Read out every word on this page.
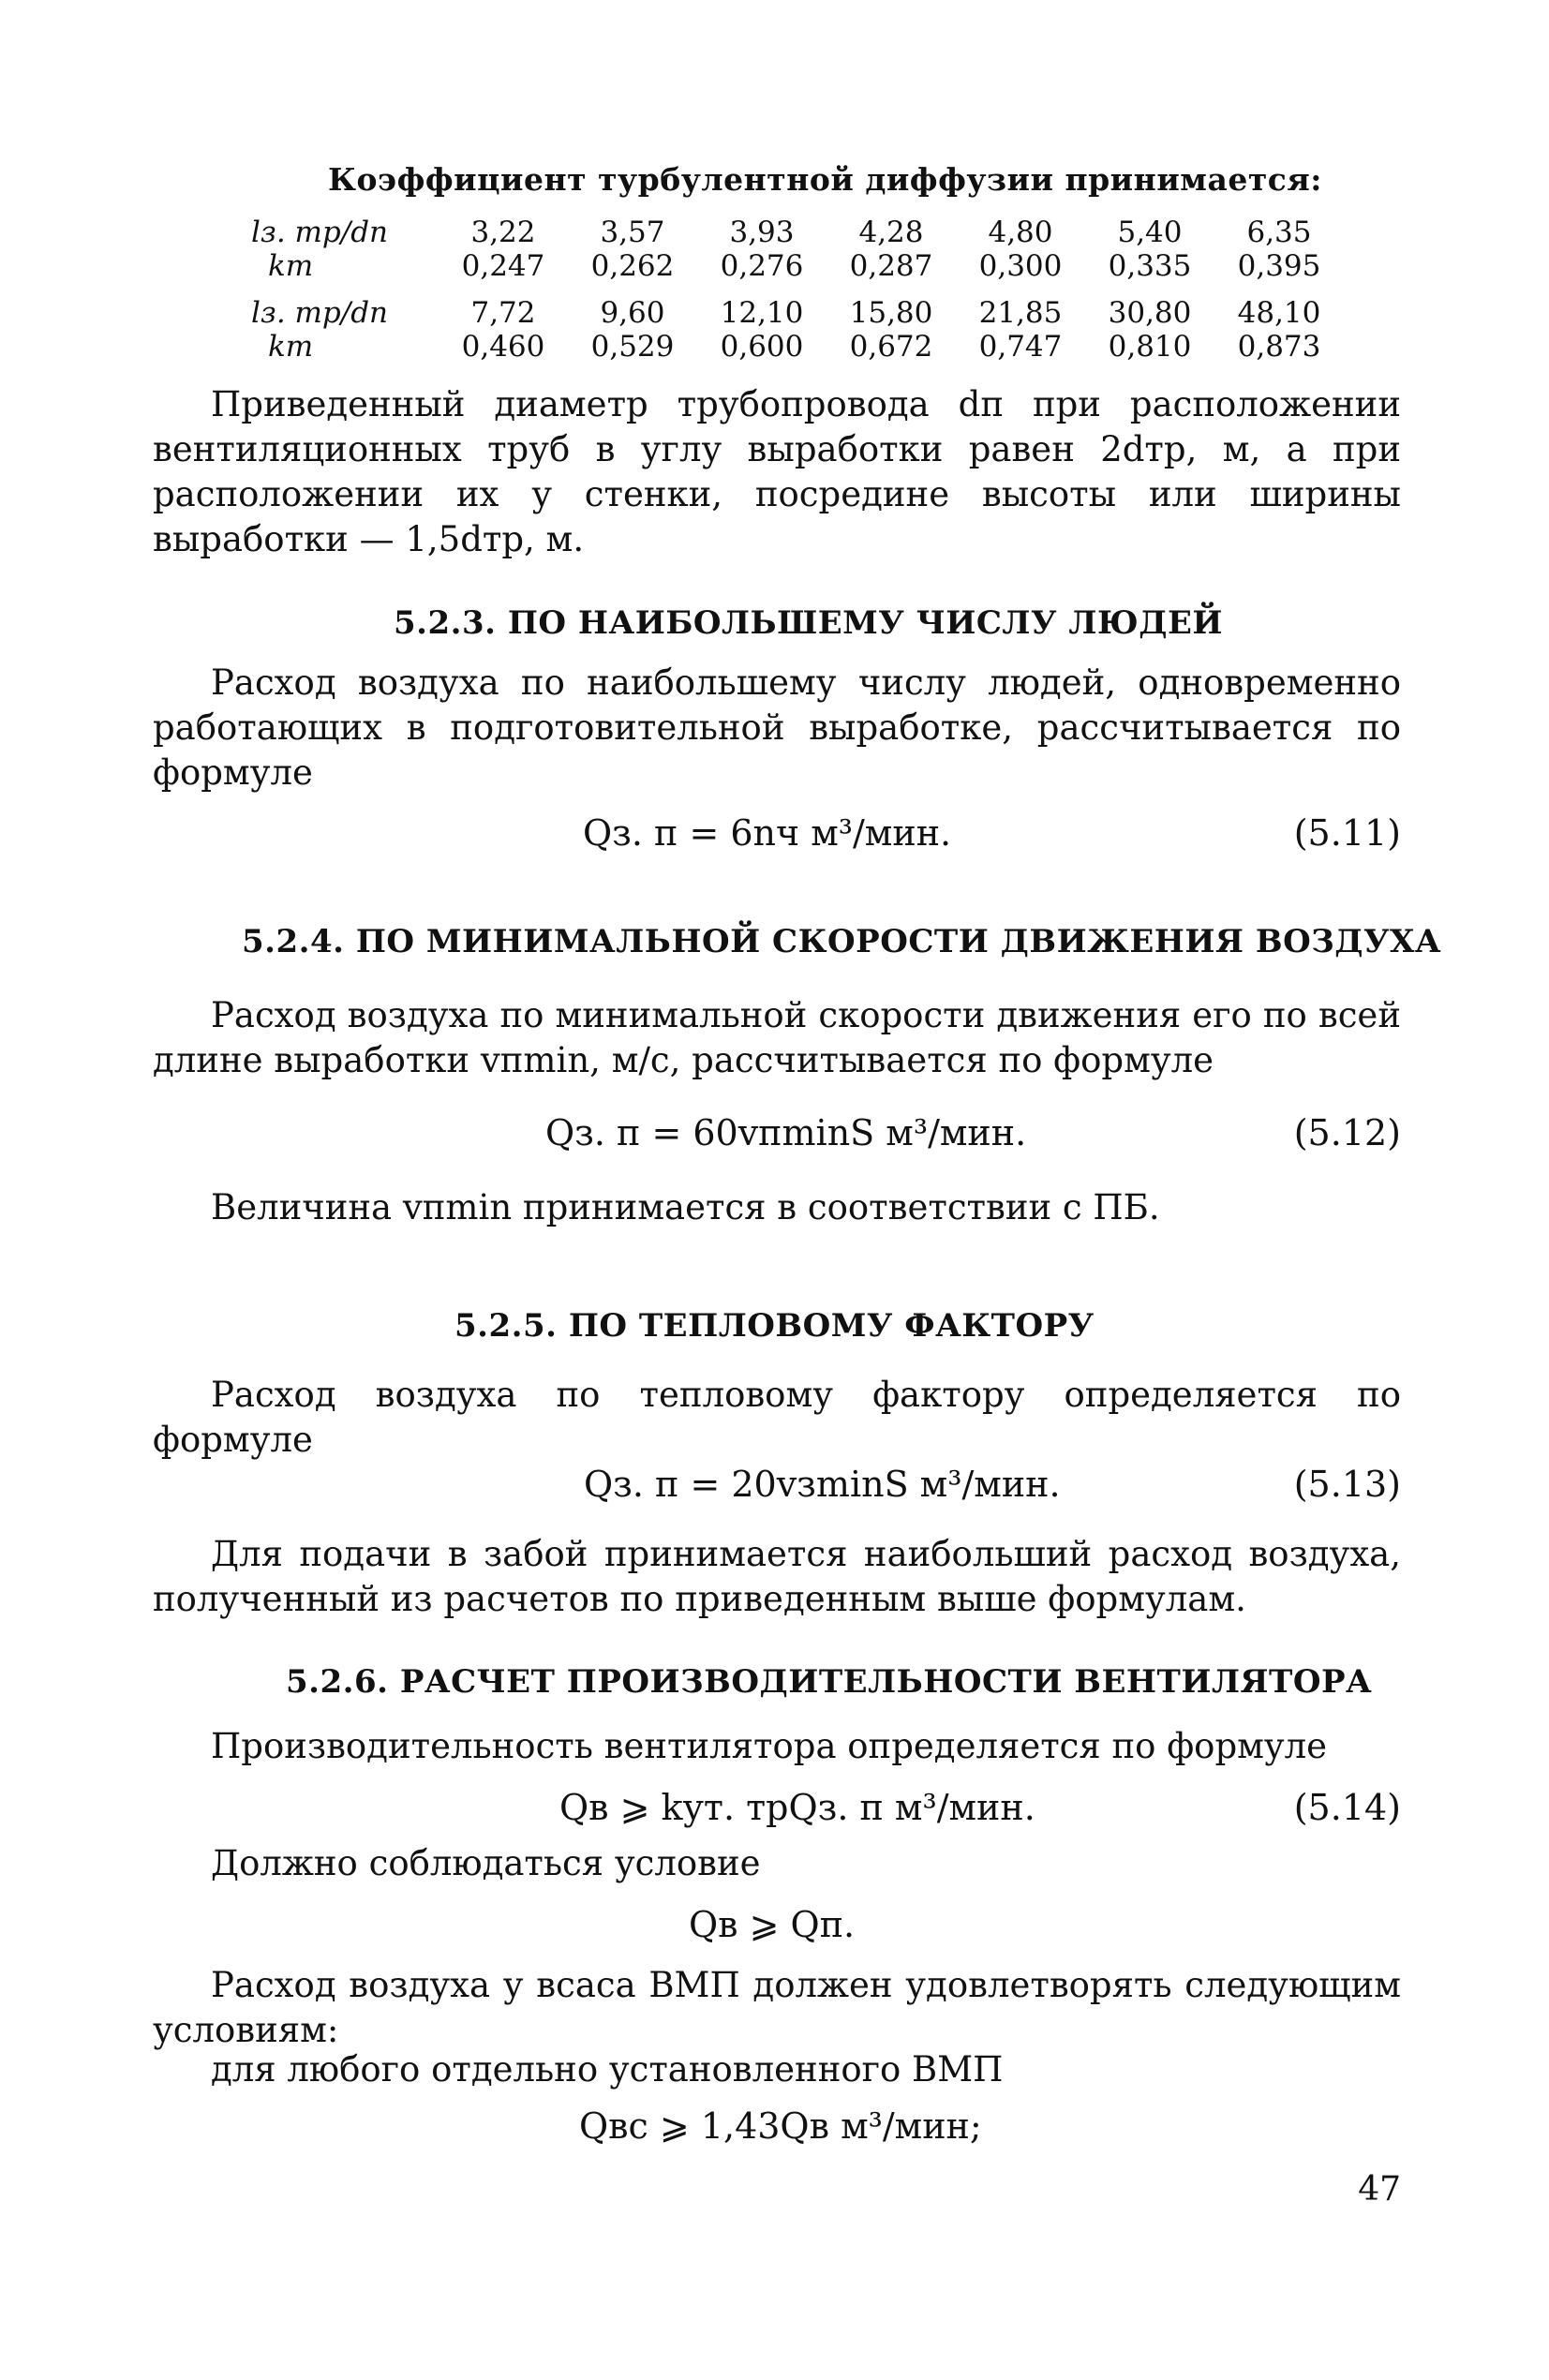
Коэффициент турбулентной диффузии принимается:
lз. тр/dп	3,22	3,57	3,93	4,28	4,80	5,40	6,35
kт	0,247	0,262	0,276	0,287	0,300	0,335	0,395
lз. тр/dп	7,72	9,60	12,10	15,80	21,85	30,80	48,10
kт	0,460	0,529	0,600	0,672	0,747	0,810	0,873
Приведенный диаметр трубопровода dп при расположении вентиляционных труб в углу выработки равен 2dтр, м, а при расположении их у стенки, посредине высоты или ширины выработки — 1,5dтр, м.
5.2.3. ПО НАИБОЛЬШЕМУ ЧИСЛУ ЛЮДЕЙ
Расход воздуха по наибольшему числу людей, одновременно работающих в подготовительной выработке, рассчитывается по формуле
Qз. п = 6nч м³/мин.	(5.11)
5.2.4. ПО МИНИМАЛЬНОЙ СКОРОСТИ ДВИЖЕНИЯ ВОЗДУХА
Расход воздуха по минимальной скорости движения его по всей длине выработки vпmin, м/с, рассчитывается по формуле
Qз. п = 60vпminS м³/мин.	(5.12)
Величина vпmin принимается в соответствии с ПБ.
5.2.5. ПО ТЕПЛОВОМУ ФАКТОРУ
Расход воздуха по тепловому фактору определяется по формуле
Qз. п = 20vзminS м³/мин.	(5.13)
Для подачи в забой принимается наибольший расход воздуха, полученный из расчетов по приведенным выше формулам.
5.2.6. РАСЧЕТ ПРОИЗВОДИТЕЛЬНОСТИ ВЕНТИЛЯТОРА
Производительность вентилятора определяется по формуле
Qв ⩾ kут. трQз. п м³/мин.	(5.14)
Должно соблюдаться условие
Qв ⩾ Qп.
Расход воздуха у всаса ВМП должен удовлетворять следующим условиям:
для любого отдельно установленного ВМП
Qвс ⩾ 1,43Qв м³/мин;
47
